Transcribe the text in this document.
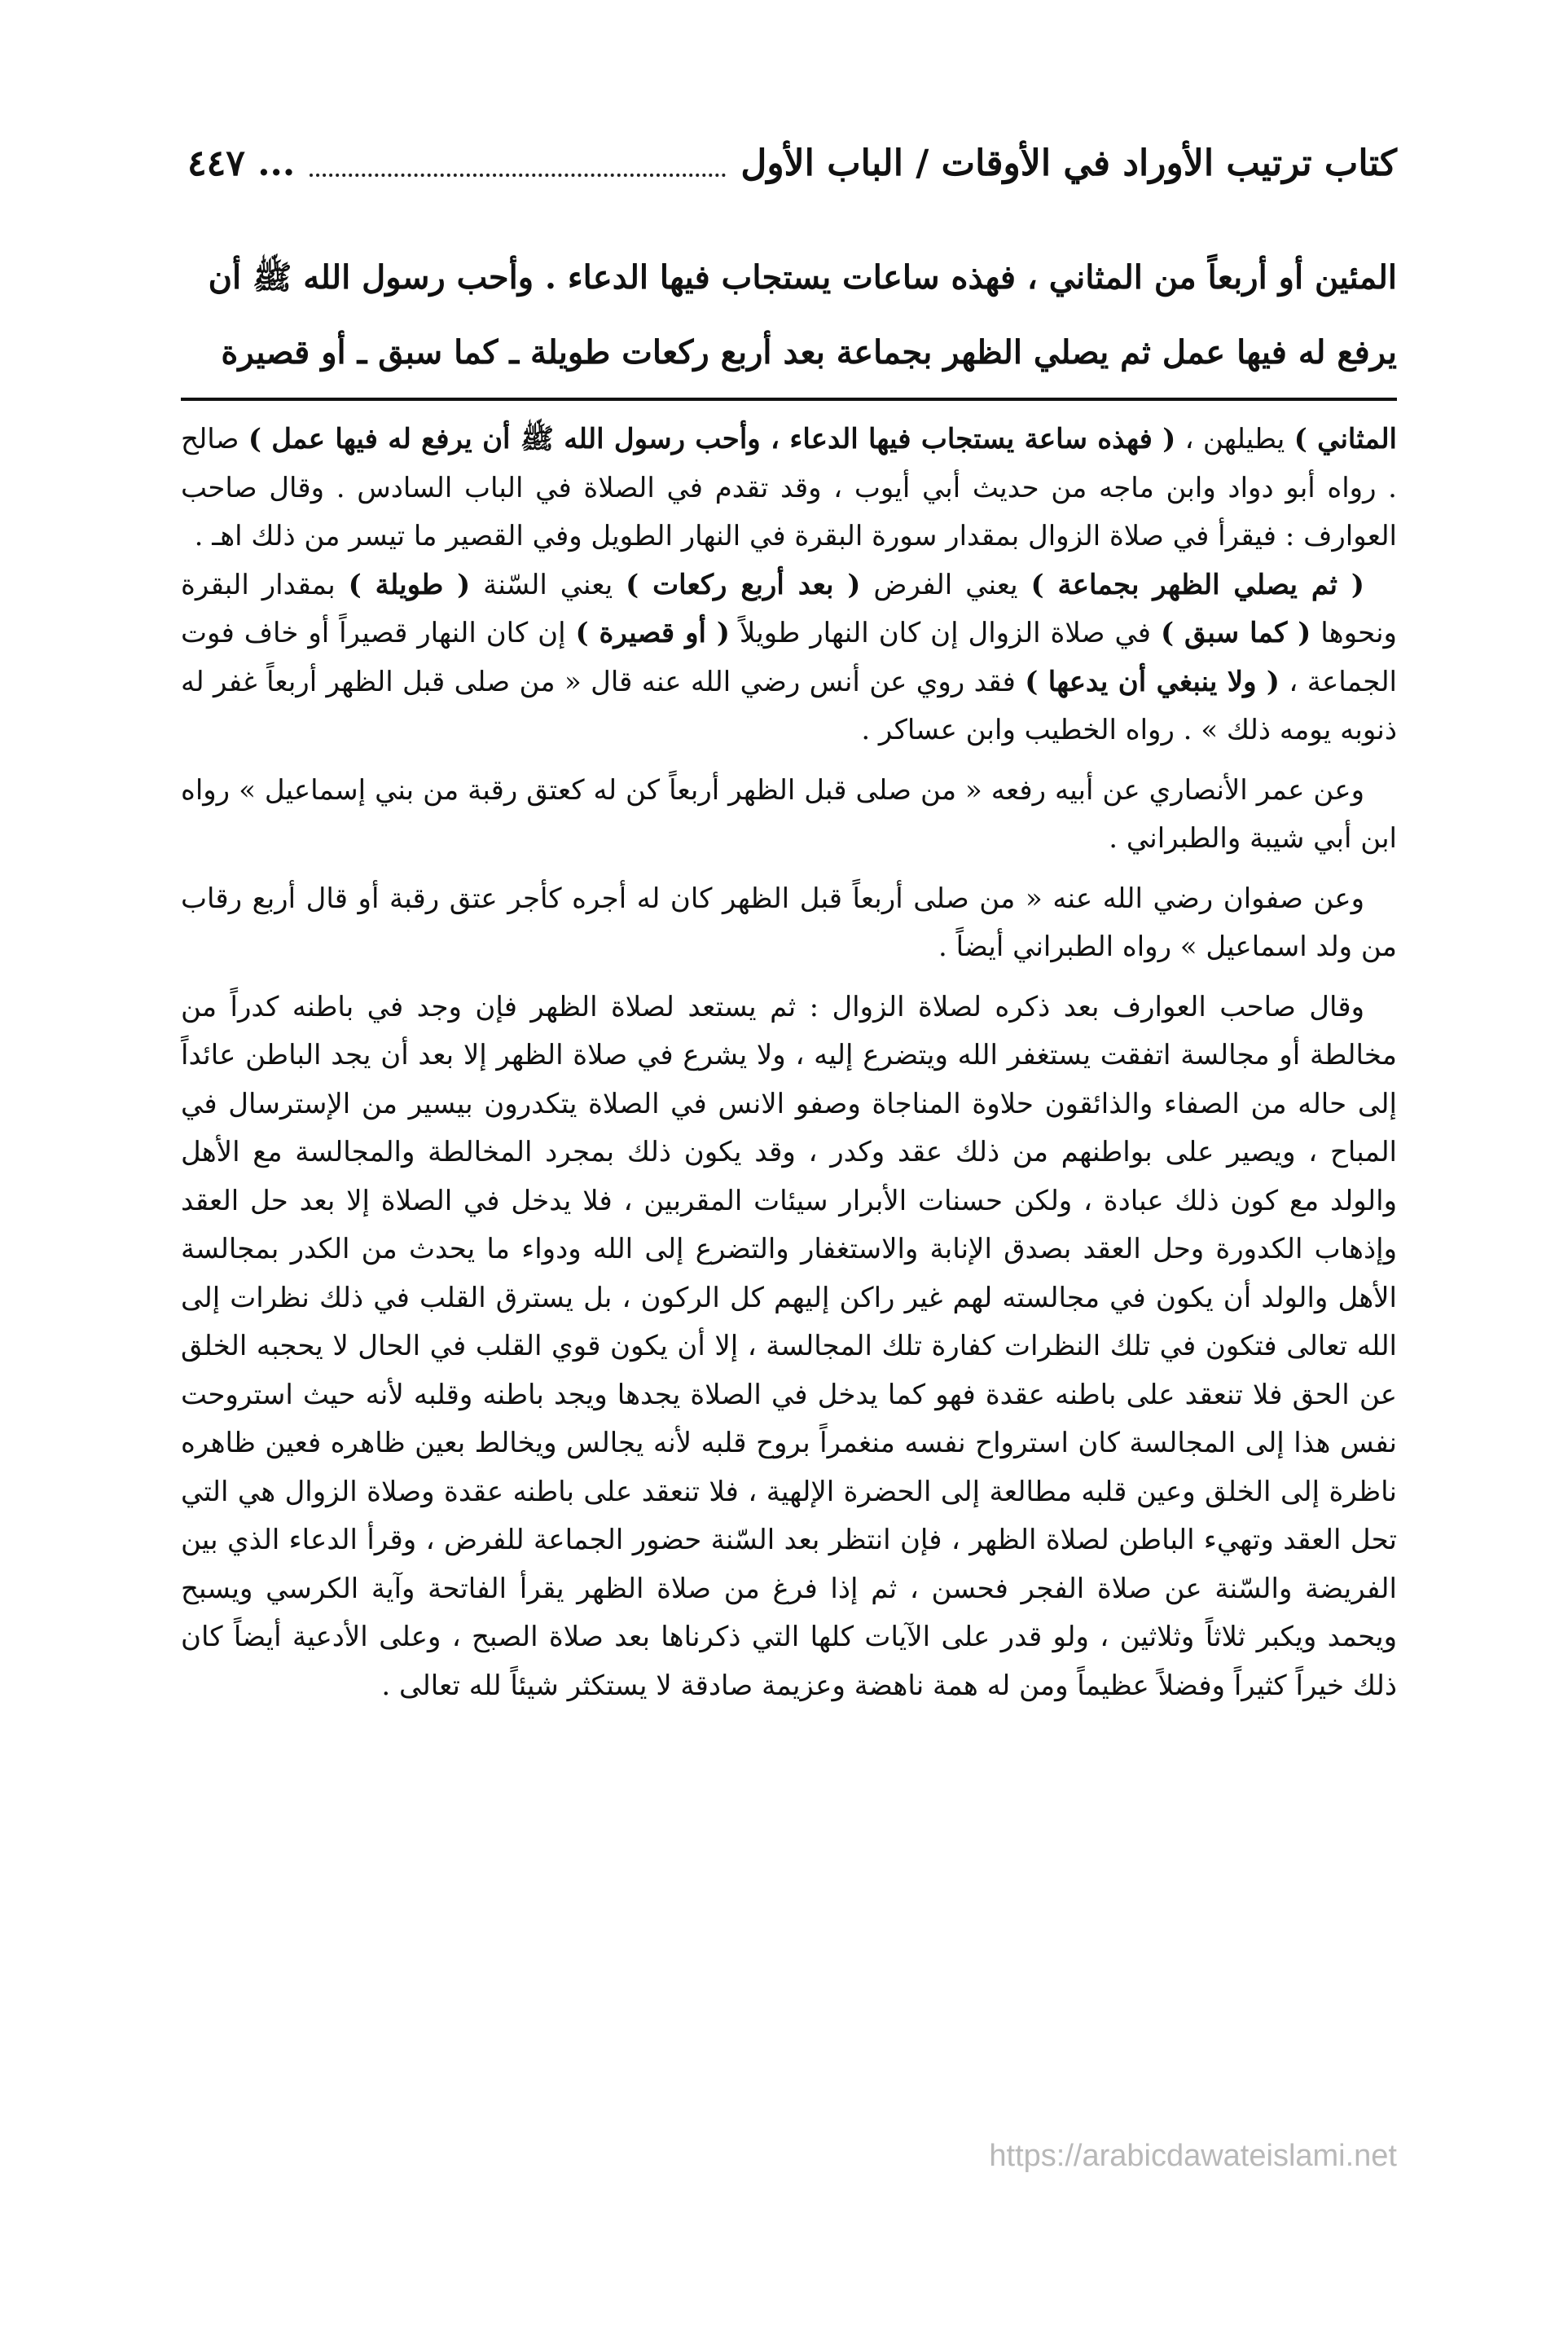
كتاب ترتيب الأوراد في الأوقات / الباب الأول
... ٤٤٧
المئين أو أربعاً من المثاني ، فهذه ساعات يستجاب فيها الدعاء . وأحب رسول الله ﷺ أن
يرفع له فيها عمل ثم يصلي الظهر بجماعة بعد أربع ركعات طويلة ـ كما سبق ـ أو قصيرة

المثاني ) يطيلهن ، ( فهذه ساعة يستجاب فيها الدعاء ، وأحب رسول الله ﷺ أن يرفع له فيها عمل ) صالح . رواه أبو دواد وابن ماجه من حديث أبي أيوب ، وقد تقدم في الصلاة في الباب السادس . وقال صاحب العوارف : فيقرأ في صلاة الزوال بمقدار سورة البقرة في النهار الطويل وفي القصير ما تيسر من ذلك اهـ .

( ثم يصلي الظهر بجماعة ) يعني الفرض ( بعد أربع ركعات ) يعني السّنة ( طويلة ) بمقدار البقرة ونحوها ( كما سبق ) في صلاة الزوال إن كان النهار طويلاً ( أو قصيرة ) إن كان النهار قصيراً أو خاف فوت الجماعة ، ( ولا ينبغي أن يدعها ) فقد روي عن أنس رضي الله عنه قال « من صلى قبل الظهر أربعاً غفر له ذنوبه يومه ذلك » . رواه الخطيب وابن عساكر .

وعن عمر الأنصاري عن أبيه رفعه « من صلى قبل الظهر أربعاً كن له كعتق رقبة من بني إسماعيل » رواه ابن أبي شيبة والطبراني .

وعن صفوان رضي الله عنه « من صلى أربعاً قبل الظهر كان له أجره كأجر عتق رقبة أو قال أربع رقاب من ولد اسماعيل » رواه الطبراني أيضاً .

وقال صاحب العوارف بعد ذكره لصلاة الزوال : ثم يستعد لصلاة الظهر فإن وجد في باطنه كدراً من مخالطة أو مجالسة اتفقت يستغفر الله ويتضرع إليه ، ولا يشرع في صلاة الظهر إلا بعد أن يجد الباطن عائداً إلى حاله من الصفاء والذائقون حلاوة المناجاة وصفو الانس في الصلاة يتكدرون بيسير من الإسترسال في المباح ، ويصير على بواطنهم من ذلك عقد وكدر ، وقد يكون ذلك بمجرد المخالطة والمجالسة مع الأهل والولد مع كون ذلك عبادة ، ولكن حسنات الأبرار سيئات المقربين ، فلا يدخل في الصلاة إلا بعد حل العقد وإذهاب الكدورة وحل العقد بصدق الإنابة والاستغفار والتضرع إلى الله ودواء ما يحدث من الكدر بمجالسة الأهل والولد أن يكون في مجالسته لهم غير راكن إليهم كل الركون ، بل يسترق القلب في ذلك نظرات إلى الله تعالى فتكون في تلك النظرات كفارة تلك المجالسة ، إلا أن يكون قوي القلب في الحال لا يحجبه الخلق عن الحق فلا تنعقد على باطنه عقدة فهو كما يدخل في الصلاة يجدها ويجد باطنه وقلبه لأنه حيث استروحت نفس هذا إلى المجالسة كان استرواح نفسه منغمراً بروح قلبه لأنه يجالس ويخالط بعين ظاهره فعين ظاهره ناظرة إلى الخلق وعين قلبه مطالعة إلى الحضرة الإلهية ، فلا تنعقد على باطنه عقدة وصلاة الزوال هي التي تحل العقد وتهيء الباطن لصلاة الظهر ، فإن انتظر بعد السّنة حضور الجماعة للفرض ، وقرأ الدعاء الذي بين الفريضة والسّنة عن صلاة الفجر فحسن ، ثم إذا فرغ من صلاة الظهر يقرأ الفاتحة وآية الكرسي ويسبح ويحمد ويكبر ثلاثاً وثلاثين ، ولو قدر على الآيات كلها التي ذكرناها بعد صلاة الصبح ، وعلى الأدعية أيضاً كان ذلك خيراً كثيراً وفضلاً عظيماً ومن له همة ناهضة وعزيمة صادقة لا يستكثر شيئاً لله تعالى .

https://arabicdawateislami.net
